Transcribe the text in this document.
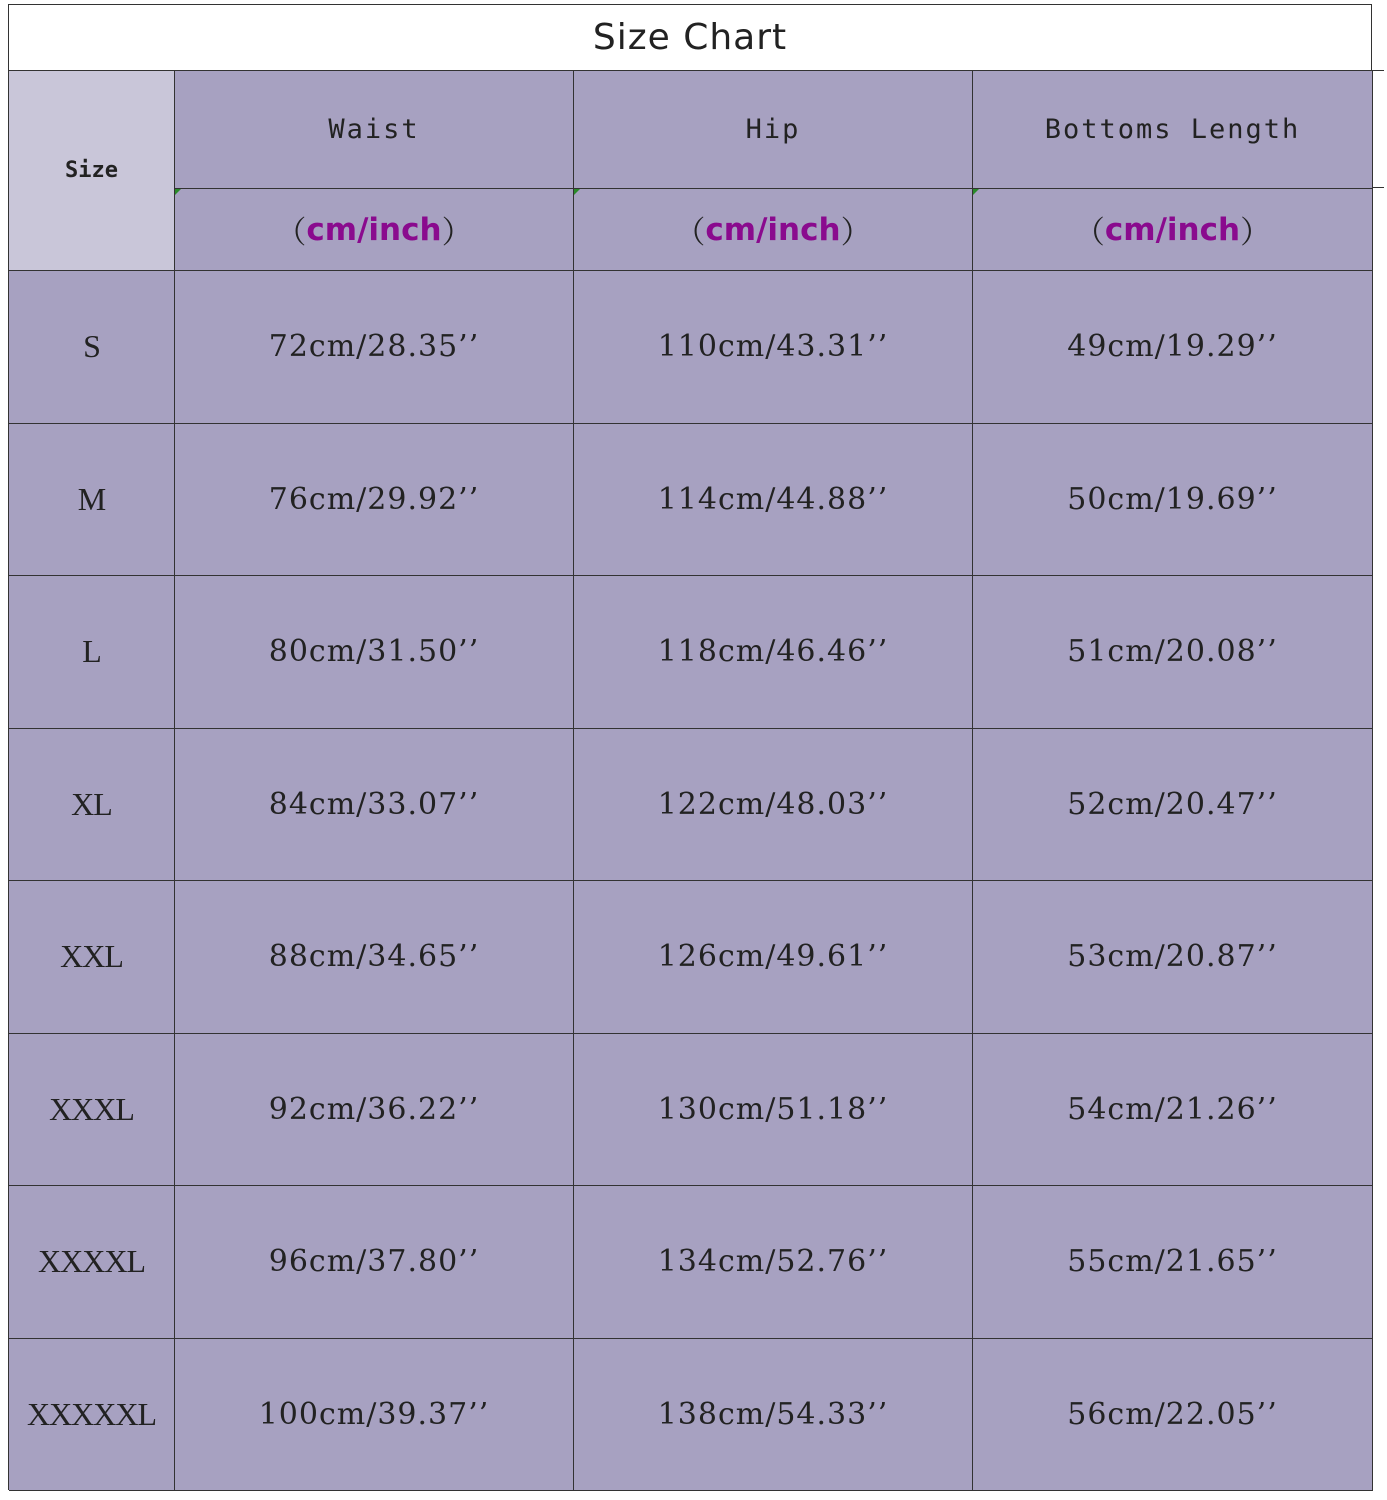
Size Chart
Size
Waist	Hip	Bottoms Length
（ cm/inch ）	（ cm/inch ）	（ cm/inch ）
S	72cm/28.35’’	110cm/43.31’’	49cm/19.29’’
M	76cm/29.92’’	114cm/44.88’’	50cm/19.69’’
L	80cm/31.50’’	118cm/46.46’’	51cm/20.08’’
XL	84cm/33.07’’	122cm/48.03’’	52cm/20.47’’
XXL	88cm/34.65’’	126cm/49.61’’	53cm/20.87’’
XXXL	92cm/36.22’’	130cm/51.18’’	54cm/21.26’’
XXXXL	96cm/37.80’’	134cm/52.76’’	55cm/21.65’’
XXXXXL	100cm/39.37’’	138cm/54.33’’	56cm/22.05’’
